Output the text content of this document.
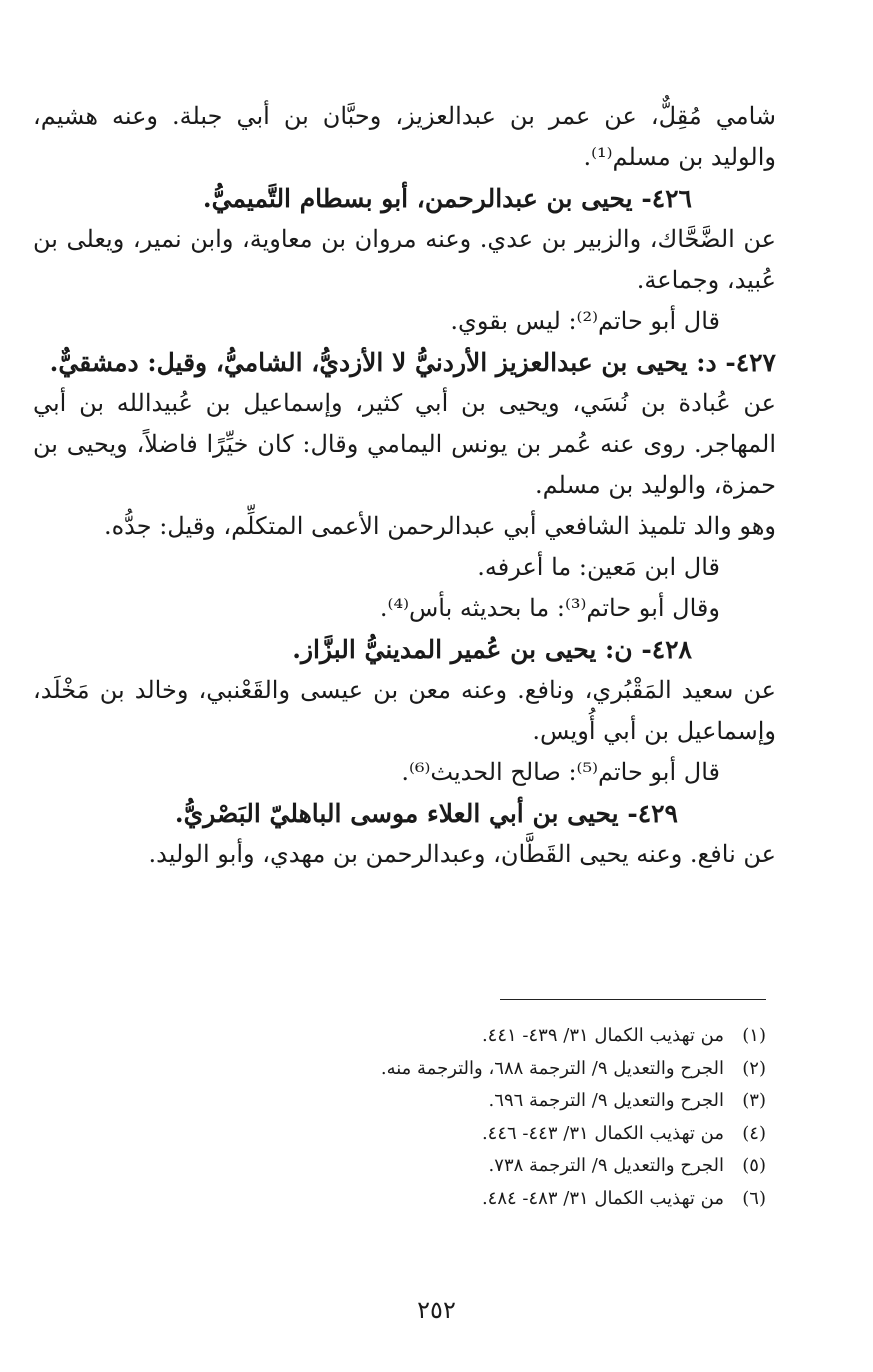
شامي مُقِلٌّ، عن عمر بن عبدالعزيز، وحبَّان بن أبي جبلة. وعنه هشيم، والوليد بن مسلم⁽¹⁾.

٤٢٦- يحيى بن عبدالرحمن، أبو بسطام التَّميميُّ.

عن الضَّحَّاك، والزبير بن عدي. وعنه مروان بن معاوية، وابن نمير، ويعلى بن عُبيد، وجماعة.

قال أبو حاتم⁽²⁾: ليس بقوي.

٤٢٧- د: يحيى بن عبدالعزيز الأردنيُّ لا الأزديُّ، الشاميُّ، وقيل: دمشقيٌّ.

عن عُبادة بن نُسَي، ويحيى بن أبي كثير، وإسماعيل بن عُبيدالله بن أبي المهاجر. روى عنه عُمر بن يونس اليمامي وقال: كان خيِّرًا فاضلاً، ويحيى بن حمزة، والوليد بن مسلم.

وهو والد تلميذ الشافعي أبي عبدالرحمن الأعمى المتكلِّم، وقيل: جدُّه.

قال ابن مَعين: ما أعرفه.

وقال أبو حاتم⁽³⁾: ما بحديثه بأس⁽⁴⁾.

٤٢٨- ن: يحيى بن عُمير المدينيُّ البزَّاز.

عن سعيد المَقْبُري، ونافع. وعنه معن بن عيسى والقَعْنبي، وخالد بن مَخْلَد، وإسماعيل بن أبي أُويس.

قال أبو حاتم⁽⁵⁾: صالح الحديث⁽⁶⁾.

٤٢٩- يحيى بن أبي العلاء موسى الباهليّ البَصْريُّ.

عن نافع. وعنه يحيى القَطَّان، وعبدالرحمن بن مهدي، وأبو الوليد.

(١)
من تهذيب الكمال ٣١/ ٤٣٩- ٤٤١.
(٢)
الجرح والتعديل ٩/ الترجمة ٦٨٨، والترجمة منه.
(٣)
الجرح والتعديل ٩/ الترجمة ٦٩٦.
(٤)
من تهذيب الكمال ٣١/ ٤٤٣- ٤٤٦.
(٥)
الجرح والتعديل ٩/ الترجمة ٧٣٨.
(٦)
من تهذيب الكمال ٣١/ ٤٨٣- ٤٨٤.
٢٥٢
